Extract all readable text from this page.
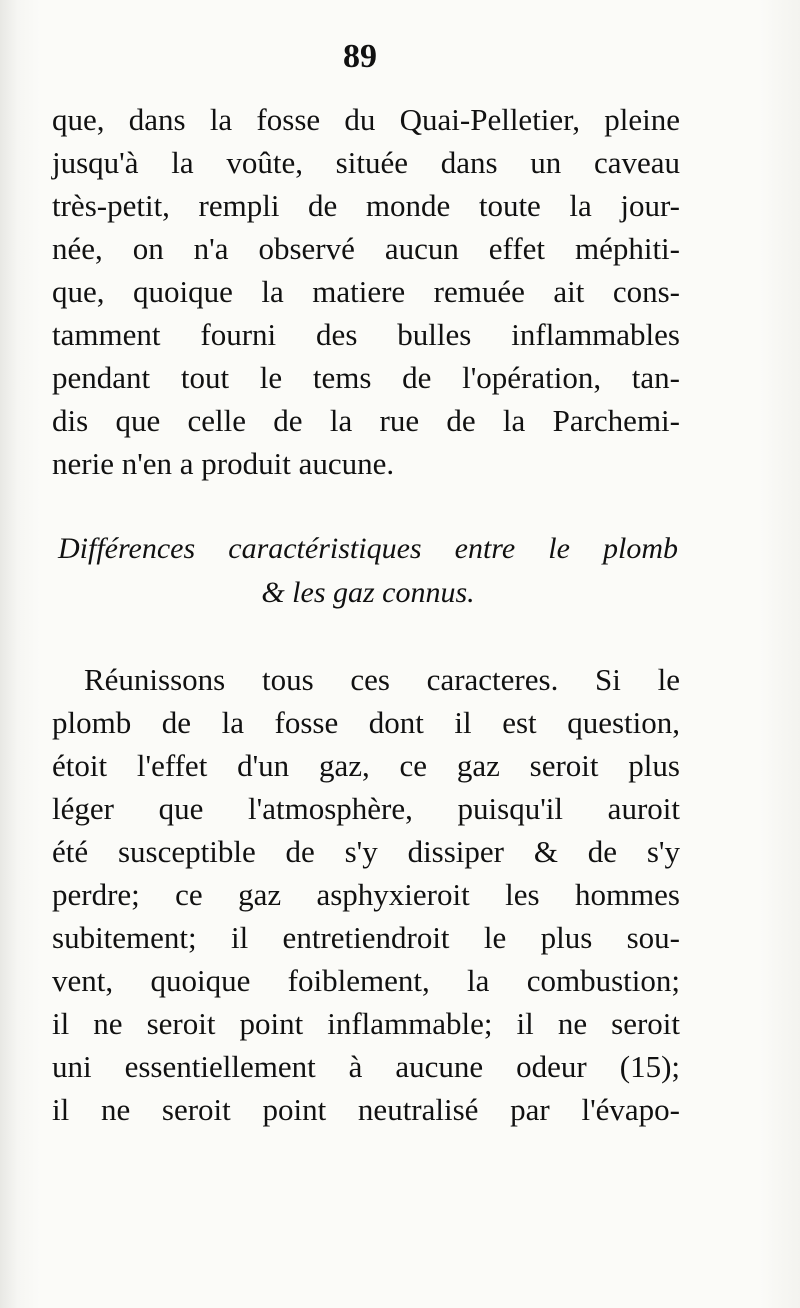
89
que, dans la fosse du Quai-Pelletier, pleine
jusqu'à la voûte, située dans un caveau
très-petit, rempli de monde toute la jour-
née, on n'a observé aucun effet méphiti-
que, quoique la matiere remuée ait cons-
tamment fourni des bulles inflammables
pendant tout le tems de l'opération, tan-
dis que celle de la rue de la Parchemi-
nerie n'en a produit aucune.
Différences caractéristiques entre le plomb
& les gaz connus.
Réunissons tous ces caracteres. Si le
plomb de la fosse dont il est question,
étoit l'effet d'un gaz, ce gaz seroit plus
léger que l'atmosphère, puisqu'il auroit
été susceptible de s'y dissiper & de s'y
perdre; ce gaz asphyxieroit les hommes
subitement; il entretiendroit le plus sou-
vent, quoique foiblement, la combustion;
il ne seroit point inflammable; il ne seroit
uni essentiellement à aucune odeur (15);
il ne seroit point neutralisé par l'évapo-
